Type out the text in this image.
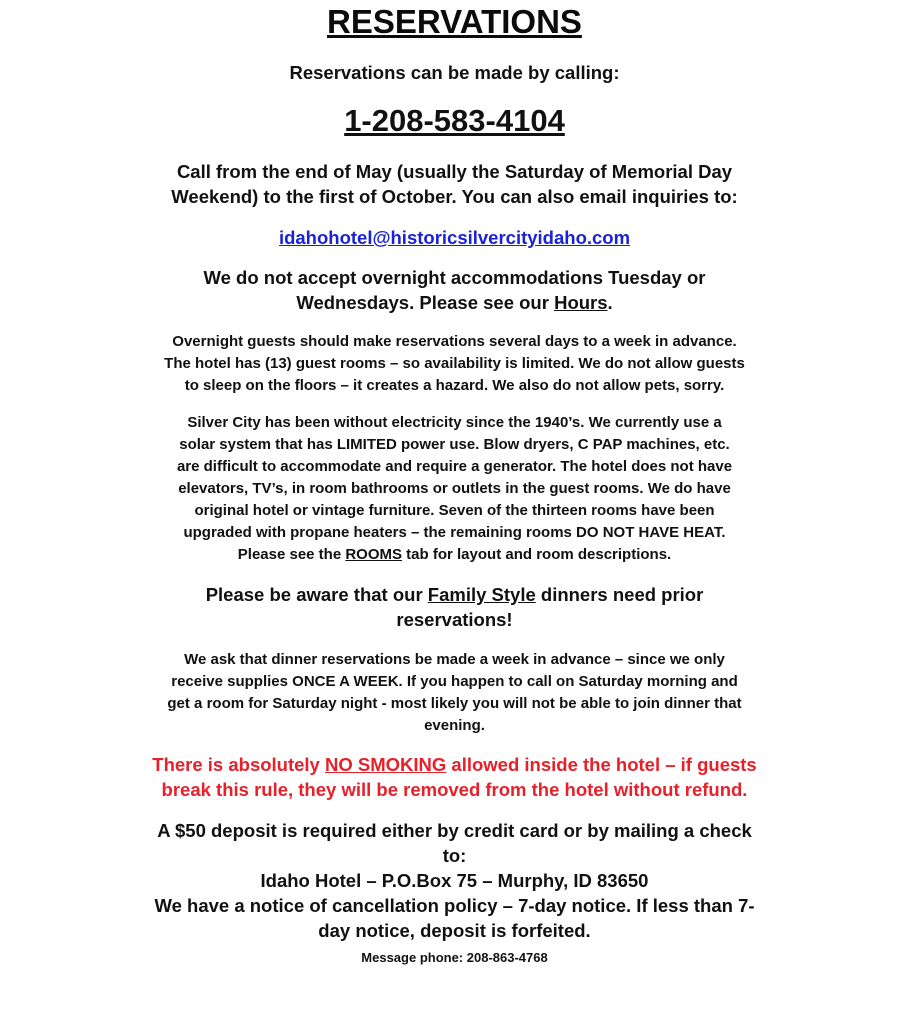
RESERVATIONS
Reservations can be made by calling:
1-208-583-4104

Call from the end of May (usually the Saturday of Memorial Day

Weekend) to the first of October. You can also email inquiries to:

idahohotel@historicsilvercityidaho.com

We do not accept overnight accommodations Tuesday or

Wednesdays. Please see our Hours.

Overnight guests should make reservations several days to a week in advance.

The hotel has (13) guest rooms – so availability is limited. We do not allow guests

to sleep on the floors – it creates a hazard. We also do not allow pets, sorry.

Silver City has been without electricity since the 1940’s. We currently use a

solar system that has LIMITED power use. Blow dryers, C PAP machines, etc.

are difficult to accommodate and require a generator. The hotel does not have

elevators, TV’s, in room bathrooms or outlets in the guest rooms. We do have

original hotel or vintage furniture. Seven of the thirteen rooms have been

upgraded with propane heaters – the remaining rooms DO NOT HAVE HEAT.

Please see the ROOMS tab for layout and room descriptions.

Please be aware that our Family Style dinners need prior

reservations!

We ask that dinner reservations be made a week in advance – since we only

receive supplies ONCE A WEEK. If you happen to call on Saturday morning and

get a room for Saturday night - most likely you will not be able to join dinner that

evening.

There is absolutely NO SMOKING allowed inside the hotel – if guests

break this rule, they will be removed from the hotel without refund.

A $50 deposit is required either by credit card or by mailing a check

to:

Idaho Hotel – P.O.Box 75 – Murphy, ID 83650

We have a notice of cancellation policy – 7-day notice. If less than 7-

day notice, deposit is forfeited.

Message phone: 208-863-4768
